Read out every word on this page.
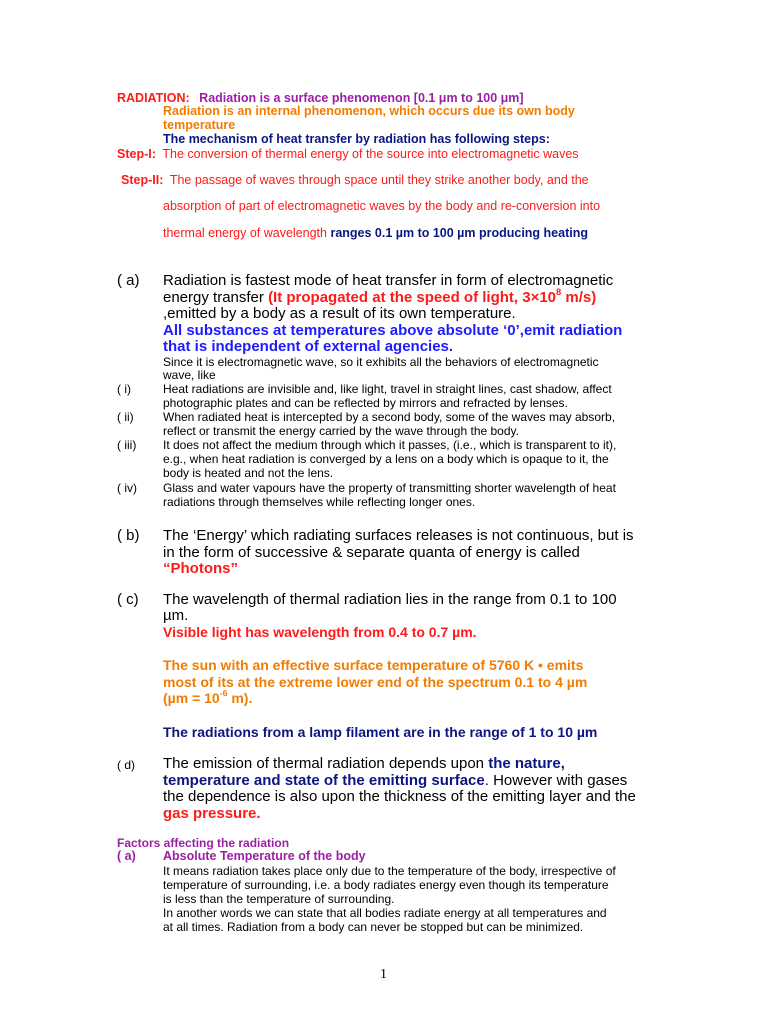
RADIATION: Radiation is a surface phenomenon [0.1 μm to 100 μm]
Radiation is an internal phenomenon, which occurs due its own body
temperature
The mechanism of heat transfer by radiation has following steps:
Step-I: The conversion of thermal energy of the source into electromagnetic waves
Step-II: The passage of waves through space until they strike another body, and the
absorption of part of electromagnetic waves by the body and re-conversion into
thermal energy of wavelength ranges 0.1 µm to 100 µm producing heating
( a) Radiation is fastest mode of heat transfer in form of electromagnetic
energy transfer (It propagated at the speed of light, $3\times 10^8$ m/s)
,emitted by a body as a result of its own temperature.
All substances at temperatures above absolute ‘0’,emit radiation
that is independent of external agencies.
Since it is electromagnetic wave, so it exhibits all the behaviors of electromagnetic
wave, like
( i)	Heat radiations are invisible and, like light, travel in straight lines, cast shadow, affect
photographic plates and can be reflected by mirrors and refracted by lenses.
( ii) When radiated heat is intercepted by a second body, some of the waves may absorb,
reflect or transmit the energy carried by the wave through the body.
( iii) It does not affect the medium through which it passes, (i.e., which is transparent to it),
e.g., when heat radiation is converged by a lens on a body which is opaque to it, the
body is heated and not the lens.
( iv) Glass and water vapours have the property of transmitting shorter wavelength of heat
radiations through themselves while reflecting longer ones.
( b) The ‘Energy’ which radiating surfaces releases is not continuous, but is
in the form of successive & separate quanta of energy is called
“Photons”
( c) The wavelength of thermal radiation lies in the range from 0.1 to 100
µm.
Visible light has wavelength from 0.4 to 0.7 µm.
The sun with an effective surface temperature of 5760 K • emits
most of its at the extreme lower end of the spectrum 0.1 to 4 µm
($\mu m = 10^{-6}$ m).
The radiations from a lamp filament are in the range of 1 to 10 µm
( d) The emission of thermal radiation depends upon the nature,
temperature and state of the emitting surface. However with gases
the dependence is also upon the thickness of the emitting layer and the
gas pressure.
Factors affecting the radiation
( a) Absolute Temperature of the body
It means radiation takes place only due to the temperature of the body, irrespective of
temperature of surrounding, i.e. a body radiates energy even though its temperature
is less than the temperature of surrounding.
In another words we can state that all bodies radiate energy at all temperatures and
at all times. Radiation from a body can never be stopped but can be minimized.
1
